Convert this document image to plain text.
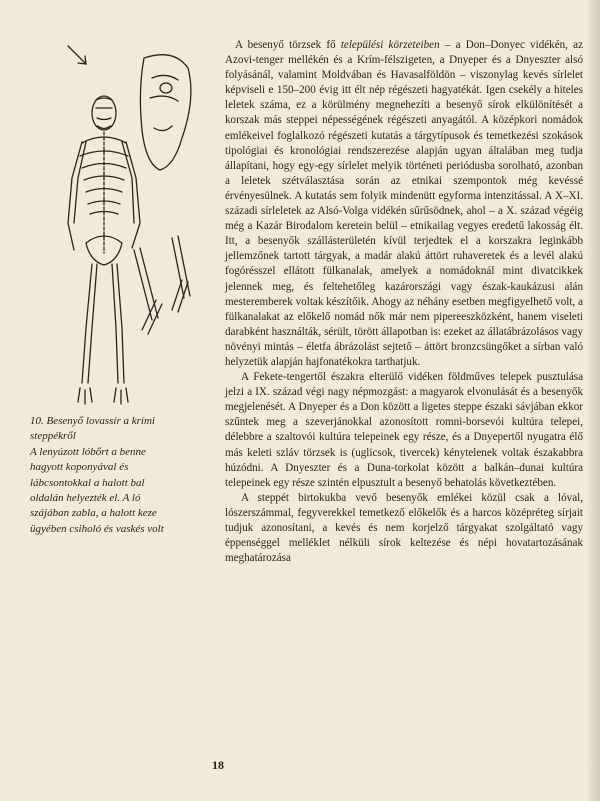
10. Besenyő lovassír a krími

steppékről

A lenyúzott lóbőrt a benne

hagyott koponyával és

lábcsontokkal a halott bal

oldalán helyezték el. A ló

szájában zabla, a halott keze

ügyében csiholó és vaskés volt

A besenyő törzsek fő települési körzeteiben – a Don–Donyec vidékén, az Azovi-tenger mellékén és a Krím-félszigeten, a Dnyeper és a Dnyeszter alsó folyásánál, valamint Moldvában és Havasalföldön – viszonylag kevés sírlelet képviseli e 150–200 évig itt élt nép régészeti hagyatékát. Igen csekély a hiteles leletek száma, ez a körülmény megnehezíti a besenyő sírok elkülönítését a korszak más steppei népességének régészeti anyagától. A középkori nomádok emlékeivel foglalkozó régészeti kutatás a tárgytípusok és temetkezési szokások tipológiai és kronológiai rendszerezése alapján ugyan általában meg tudja állapítani, hogy egy-egy sírlelet melyik történeti periódusba sorolható, azonban a leletek szétválasztása során az etnikai szempontok még kevéssé érvényesülnek. A kutatás sem folyik mindenütt egyforma intenzitással. A X–XI. századi sírleletek az Alsó-Volga vidékén sűrűsödnek, ahol – a X. század végéig még a Kazár Birodalom keretein belül – etnikailag vegyes eredetű lakosság élt. Itt, a besenyők szállásterületén kívül terjedtek el a korszakra leginkább jellemzőnek tartott tárgyak, a madár alakú áttört ruhaveretek és a levél alakú fogórésszel ellátott fülkanalak, amelyek a nomádoknál mint divatcikkek jelennek meg, és feltehetőleg kazárországi vagy észak-kaukázusi alán mesteremberek voltak készítőik. Ahogy az néhány esetben megfigyelhető volt, a fülkanalakat az előkelő nomád nők már nem pipereeszközként, hanem viseleti darabként használták, sérült, törött állapotban is: ezeket az állatábrázolásos vagy növényi mintás – életfa ábrázolást sejtető – áttört bronzcsüngőket a sírban való helyzetük alapján hajfonatékokra tarthatjuk.

A Fekete-tengertől északra elterülő vidéken földműves telepek pusztulása jelzi a IX. század végi nagy népmozgást: a magyarok elvonulását és a besenyők megjelenését. A Dnyeper és a Don között a ligetes steppe északi sávjában ekkor szűntek meg a szeverjánokkal azonosított romni-borsevói kultúra telepei, délebbre a szaltovói kultúra telepeinek egy része, és a Dnyepertől nyugatra élő más keleti szláv törzsek is (uglicsok, tivercek) kénytelenek voltak északabbra húzódni. A Dnyeszter és a Duna-torkolat között a balkán–dunai kultúra telepeinek egy része szintén elpusztult a besenyő behatolás következtében.

A steppét birtokukba vevő besenyők emlékei közül csak a lóval, lószerszámmal, fegyverekkel temetkező előkelők és a harcos középréteg sírjait tudjuk azonosítani, a kevés és nem korjelző tárgyakat szolgáltató vagy éppenséggel melléklet nélküli sírok keltezése és népi hovatartozásának meghatározása

18
